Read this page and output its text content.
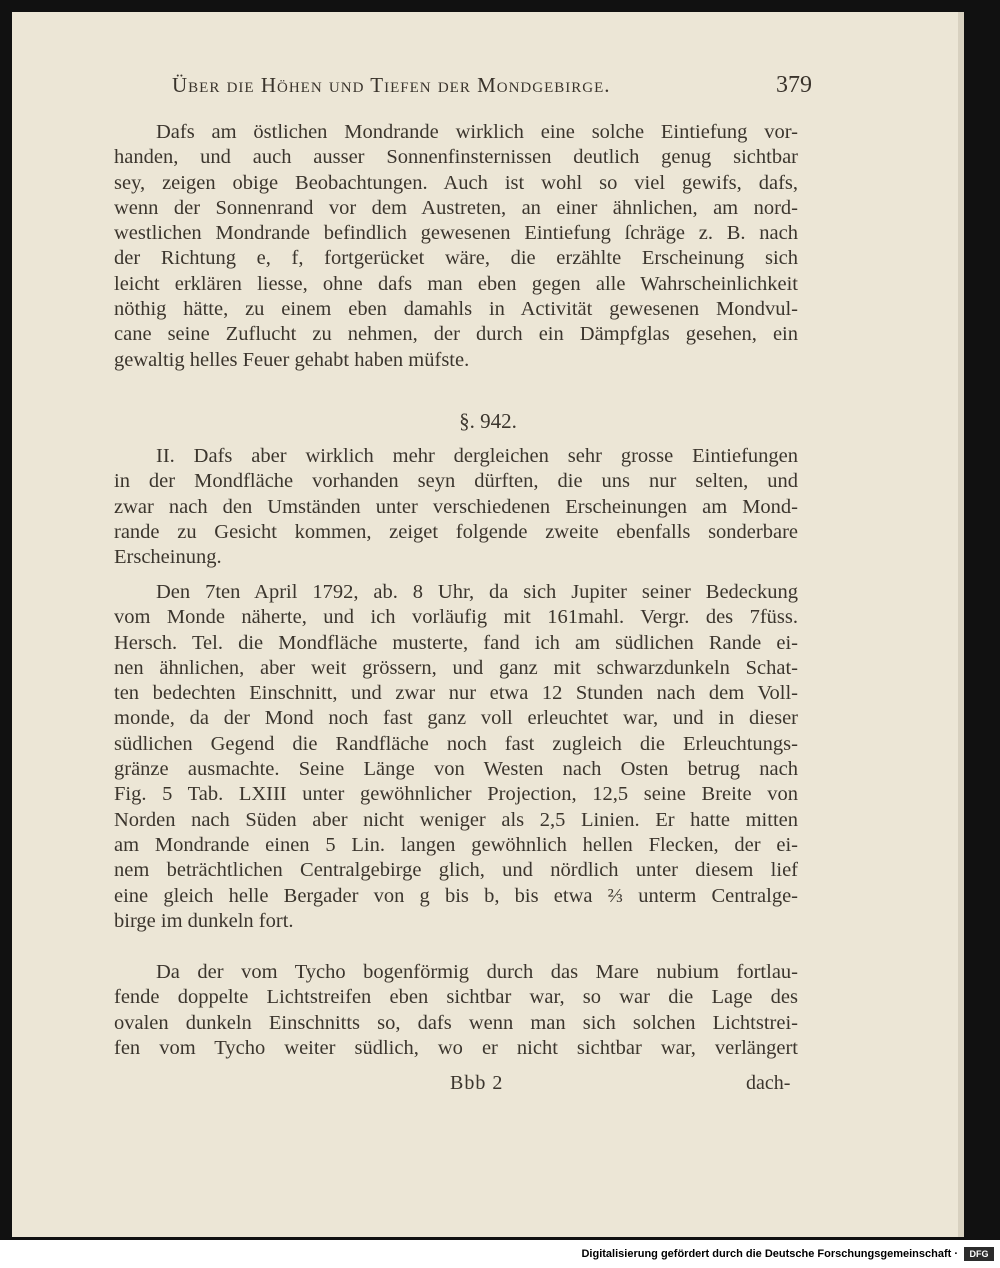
Über die Höhen und Tiefen der Mondgebirge.	379

Dafs am östlichen Mondrande wirklich eine solche Eintiefung vor-
handen, und auch ausser Sonnenfinsternissen deutlich genug sichtbar
sey, zeigen obige Beobachtungen. Auch ist wohl so viel gewifs, dafs,
wenn der Sonnenrand vor dem Austreten, an einer ähnlichen, am nord-
westlichen Mondrande befindlich gewesenen Eintiefung ſchräge z. B. nach
der Richtung e, f, fortgerücket wäre, die erzählte Erscheinung sich
leicht erklären liesse, ohne dafs man eben gegen alle Wahrscheinlichkeit
nöthig hätte, zu einem eben damahls in Activität gewesenen Mondvul-
cane seine Zuflucht zu nehmen, der durch ein Dämpfglas gesehen, ein
gewaltig helles Feuer gehabt haben müfste.

§. 942.

II. Dafs aber wirklich mehr dergleichen sehr grosse Eintiefungen
in der Mondfläche vorhanden seyn dürften, die uns nur selten, und
zwar nach den Umständen unter verschiedenen Erscheinungen am Mond-
rande zu Gesicht kommen, zeiget folgende zweite ebenfalls sonderbare
Erscheinung.

Den 7ten April 1792, ab. 8 Uhr, da sich Jupiter seiner Bedeckung
vom Monde näherte, und ich vorläufig mit 161mahl. Vergr. des 7füss.
Hersch. Tel. die Mondfläche musterte, fand ich am südlichen Rande ei-
nen ähnlichen, aber weit grössern, und ganz mit schwarzdunkeln Schat-
ten bedechten Einschnitt, und zwar nur etwa 12 Stunden nach dem Voll-
monde, da der Mond noch fast ganz voll erleuchtet war, und in dieser
südlichen Gegend die Randfläche noch fast zugleich die Erleuchtungs-
gränze ausmachte. Seine Länge von Westen nach Osten betrug nach
Fig. 5 Tab. LXIII unter gewöhnlicher Projection, 12,5 seine Breite von
Norden nach Süden aber nicht weniger als 2,5 Linien. Er hatte mitten
am Mondrande einen 5 Lin. langen gewöhnlich hellen Flecken, der ei-
nem beträchtlichen Centralgebirge glich, und nördlich unter diesem lief
eine gleich helle Bergader von g bis b, bis etwa ⅔ unterm Centralge-
birge im dunkeln fort.

Da der vom Tycho bogenförmig durch das Mare nubium fortlau-
fende doppelte Lichtstreifen eben sichtbar war, so war die Lage des
ovalen dunkeln Einschnitts so, dafs wenn man sich solchen Lichtstrei-
fen vom Tycho weiter südlich, wo er nicht sichtbar war, verlängert

Bbb 2	dach-
Digitalisierung gefördert durch die Deutsche Forschungsgemeinschaft ·	DFG
